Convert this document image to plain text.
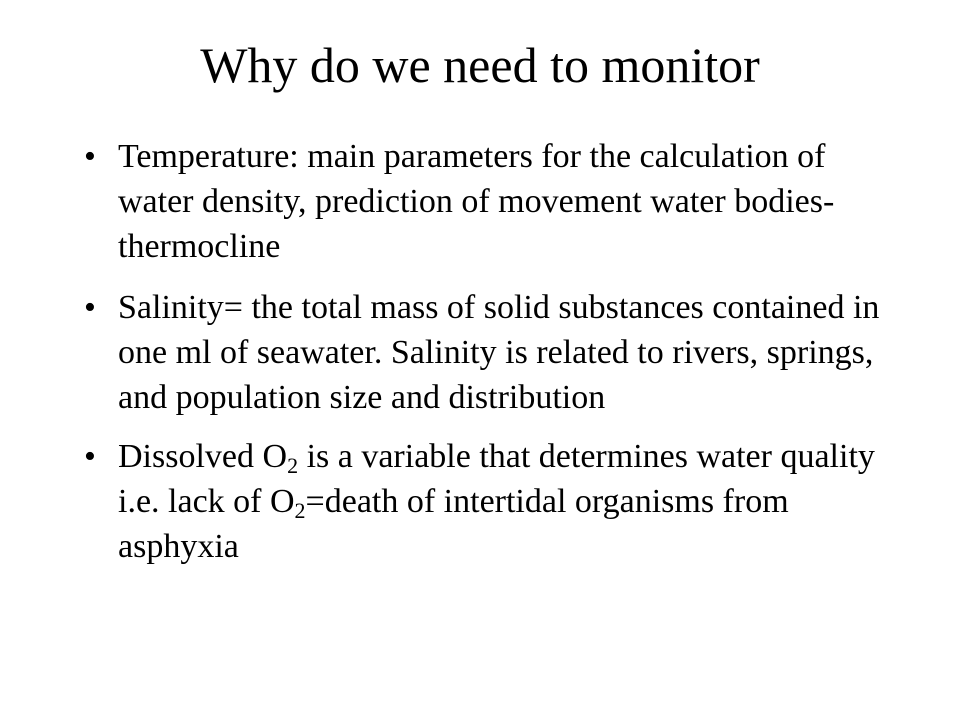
Why do we need to monitor
• Temperature: main parameters for the calculation of water density, prediction of movement water bodies-thermocline
• Salinity= the total mass of solid substances contained in one ml of seawater. Salinity is related to rivers, springs, and population size and distribution
• Dissolved $O_2$ is a variable that determines water quality i.e. lack of $O_2=death$ of intertidal organisms from asphyxia
